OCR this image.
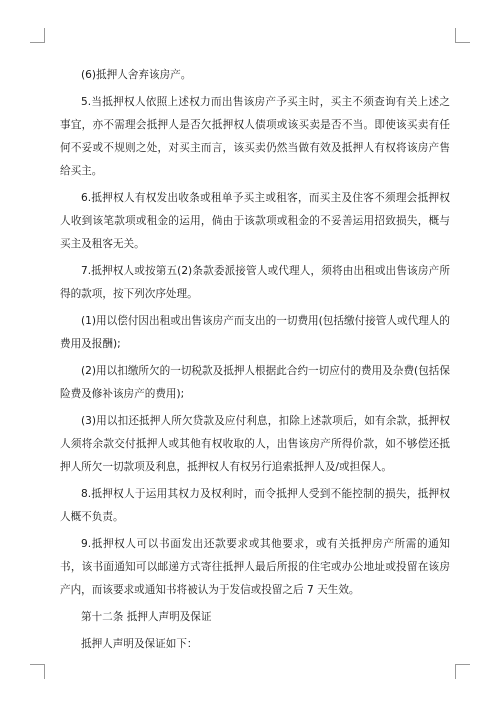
(6)抵押人舍弃该房产。

5.当抵押权人依照上述权力而出售该房产予买主时，买主不须查询有关上述之事宜，亦不需理会抵押人是否欠抵押权人债项或该买卖是否不当。即使该买卖有任何不妥或不规则之处，对买主而言，该买卖仍然当做有效及抵押人有权将该房产售给买主。

6.抵押权人有权发出收条或租单予买主或租客，而买主及住客不须理会抵押权人收到该笔款项或租金的运用，倘由于该款项或租金的不妥善运用招致损失，概与买主及租客无关。

7.抵押权人或按第五(2)条款委派接管人或代理人，须将由出租或出售该房产所得的款项，按下列次序处理。

(1)用以偿付因出租或出售该房产而支出的一切费用(包括缴付接管人或代理人的费用及报酬);

(2)用以扣缴所欠的一切税款及抵押人根据此合约一切应付的费用及杂费(包括保险费及修补该房产的费用);

(3)用以扣还抵押人所欠贷款及应付利息，扣除上述款项后，如有余款，抵押权人须将余款交付抵押人或其他有权收取的人，出售该房产所得价款，如不够偿还抵押人所欠一切款项及利息，抵押权人有权另行追索抵押人及/或担保人。

8.抵押权人于运用其权力及权利时，而令抵押人受到不能控制的损失，抵押权人概不负责。

9.抵押权人可以书面发出还款要求或其他要求，或有关抵押房产所需的通知书，该书面通知可以邮递方式寄往抵押人最后所报的住宅或办公地址或投留在该房产内，而该要求或通知书将被认为于发信或投留之后 7 天生效。

第十二条 抵押人声明及保证

抵押人声明及保证如下：
